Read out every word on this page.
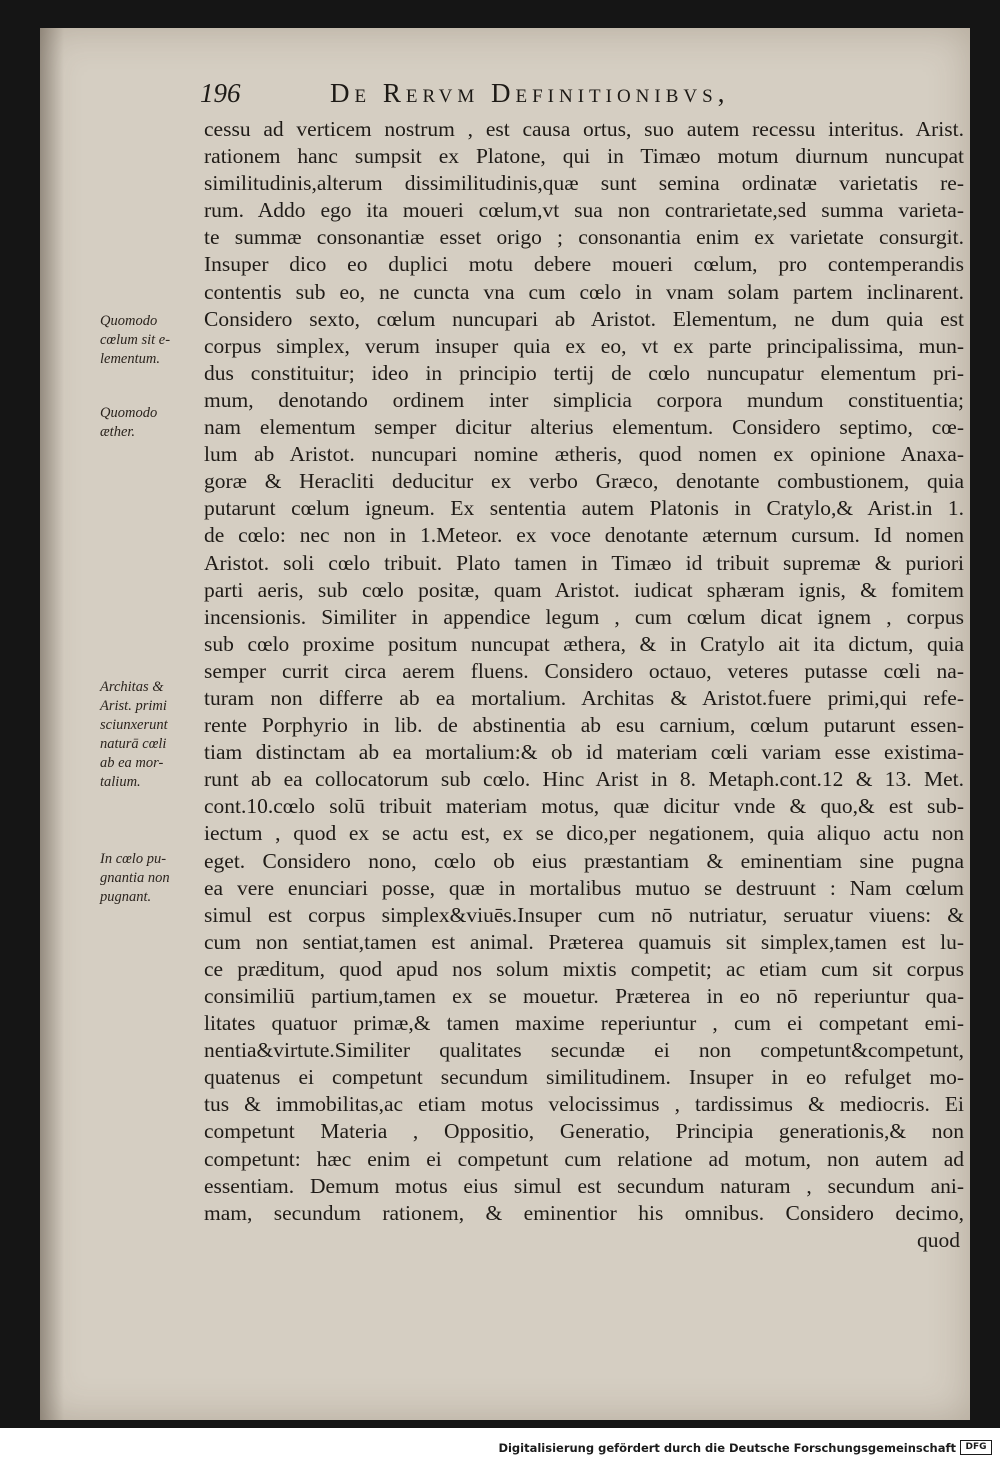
196	De Rervm Definitionibvs,
cessu ad verticem nostrum , est causa ortus, suo autem recessu interitus. Arist.
rationem hanc sumpsit ex Platone, qui in Timæo motum diurnum nuncupat
similitudinis,alterum dissimilitudinis,quæ sunt semina ordinatæ varietatis re-
rum. Addo ego ita moueri cœlum,vt sua non contrarietate,sed summa varieta-
te summæ consonantiæ esset origo ; consonantia enim ex varietate consurgit.
Insuper dico eo duplici motu debere moueri cœlum, pro contemperandis
contentis sub eo, ne cuncta vna cum cœlo in vnam solam partem inclinarent.
Considero sexto, cœlum nuncupari ab Aristot. Elementum, ne dum quia est
corpus simplex, verum insuper quia ex eo, vt ex parte principalissima, mun-
dus constituitur; ideo in principio tertij de cœlo nuncupatur elementum pri-
mum, denotando ordinem inter simplicia corpora mundum constituentia;
nam elementum semper dicitur alterius elementum. Considero septimo, cœ-
lum ab Aristot. nuncupari nomine ætheris, quod nomen ex opinione Anaxa-
goræ & Heracliti deducitur ex verbo Græco, denotante combustionem, quia
putarunt cœlum igneum. Ex sententia autem Platonis in Cratylo,& Arist.in 1.
de cœlo: nec non in 1.Meteor. ex voce denotante æternum cursum. Id nomen
Aristot. soli cœlo tribuit. Plato tamen in Timæo id tribuit supremæ & puriori
parti aeris, sub cœlo positæ, quam Aristot. iudicat sphæram ignis, & fomitem
incensionis. Similiter in appendice legum , cum cœlum dicat ignem , corpus
sub cœlo proxime positum nuncupat æthera, & in Cratylo ait ita dictum, quia
semper currit circa aerem fluens. Considero octauo, veteres putasse cœli na-
turam non differre ab ea mortalium. Architas & Aristot.fuere primi,qui refe-
rente Porphyrio in lib. de abstinentia ab esu carnium, cœlum putarunt essen-
tiam distinctam ab ea mortalium:& ob id materiam cœli variam esse existima-
runt ab ea collocatorum sub cœlo. Hinc Arist in 8. Metaph.cont.12 & 13. Met.
cont.10.cœlo solū tribuit materiam motus, quæ dicitur vnde & quo,& est sub-
iectum , quod ex se actu est, ex se dico,per negationem, quia aliquo actu non
eget. Considero nono, cœlo ob eius præstantiam & eminentiam sine pugna
ea vere enunciari posse, quæ in mortalibus mutuo se destruunt : Nam cœlum
simul est corpus simplex&viuēs.Insuper cum nō nutriatur, seruatur viuens: &
cum non sentiat,tamen est animal. Præterea quamuis sit simplex,tamen est lu-
ce præditum, quod apud nos solum mixtis competit; ac etiam cum sit corpus
consimiliū partium,tamen ex se mouetur. Præterea in eo nō reperiuntur qua-
litates quatuor primæ,& tamen maxime reperiuntur , cum ei competant emi-
nentia&virtute.Similiter qualitates secundæ ei non competunt&competunt,
quatenus ei competunt secundum similitudinem. Insuper in eo refulget mo-
tus & immobilitas,ac etiam motus velocissimus , tardissimus & mediocris. Ei
competunt Materia , Oppositio, Generatio, Principia generationis,& non
competunt: hæc enim ei competunt cum relatione ad motum, non autem ad
essentiam. Demum motus eius simul est secundum naturam , secundum ani-
mam, secundum rationem, & eminentior his omnibus. Considero decimo,
quod
Quomodo
cœlum sit e-
lementum.
Quomodo
æther.
Architas &
Arist. primi
sciunxerunt
naturā cœli
ab ea mor-
talium.
In cœlo pu-
gnantia non
pugnant.
Digitalisierung gefördert durch die Deutsche Forschungsgemeinschaft	DFG
